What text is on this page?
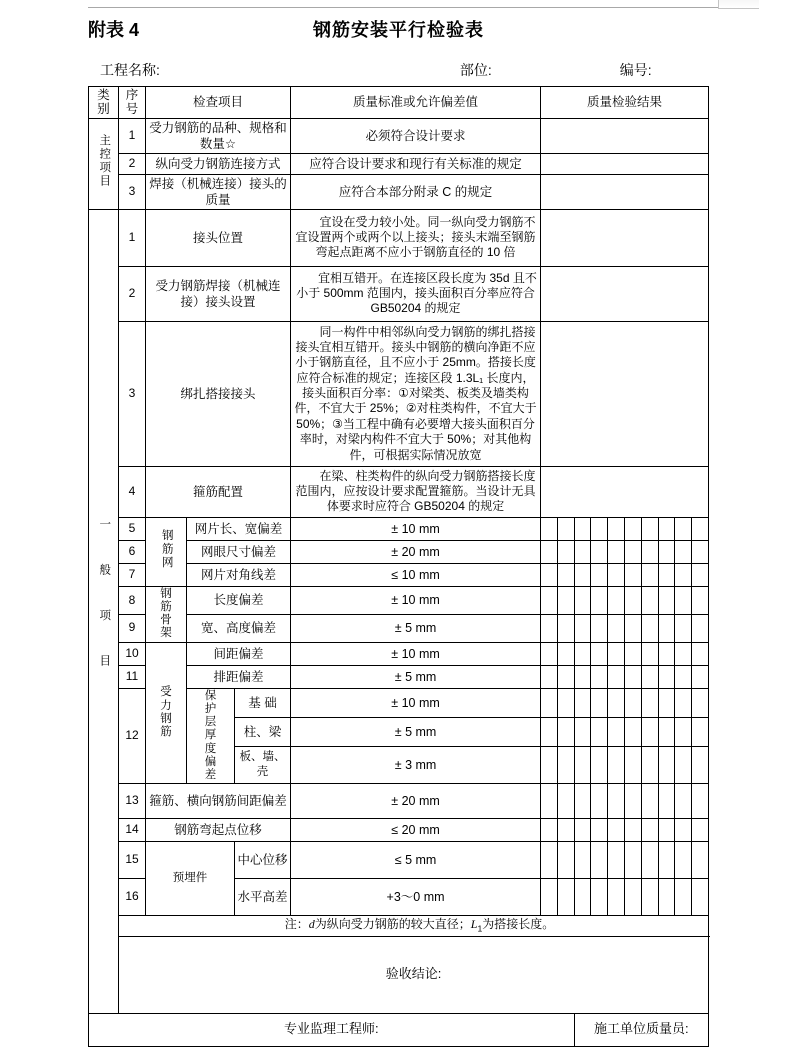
附表 4	钢筋安装平行检验表
工程名称:	部位:	编号:
类别	序号	检查项目			质量标准或允许偏差值	质量检验结果									
主控项目	1	受力钢筋的品种、规格和数量☆			必须符合设计要求										
	2	纵向受力钢筋连接方式			应符合设计要求和现行有关标准的规定										
	3	焊接（机械连接）接头的质量			应符合本部分附录 C 的规定										
一般项目	1	接头位置			宜设在受力较小处。同一纵向受力钢筋不宜设置两个或两个以上接头；接头末端至钢筋弯起点距离不应小于钢筋直径的 10 倍										
	2	受力钢筋焊接（机械连接）接头设置			宜相互错开。在连接区段长度为 35d 且不小于 500mm 范围内，接头面积百分率应符合 GB50204 的规定										
	3	绑扎搭接接头			同一构件中相邻纵向受力钢筋的绑扎搭接接头宜相互错开。接头中钢筋的横向净距不应小于钢筋直径，且不应小于 25mm。搭接长度应符合标准的规定；连接区段 1.3L₁ 长度内，接头面积百分率：①对梁类、板类及墙类构件，不宜大于 25%；②对柱类构件，不宜大于 50%；③当工程中确有必要增大接头面积百分率时，对梁内构件不宜大于 50%；对其他构件，可根据实际情况放宽										
	4	箍筋配置			在梁、柱类构件的纵向受力钢筋搭接长度范围内，应按设计要求配置箍筋。当设计无具体要求时应符合 GB50204 的规定										
	5	钢筋网	网片长、宽偏差		± 10 mm										
	6		网眼尺寸偏差		± 20 mm										
	7		网片对角线差		≤ 10 mm										
	8	钢筋骨架	长度偏差		± 10 mm										
	9		宽、高度偏差		± 5 mm										
	10	受力钢筋	间距偏差		± 10 mm										
	11		排距偏差		± 5 mm										
	12		保护层厚度偏差	基 础	± 10 mm										
				柱、梁	± 5 mm										
				板、墙、壳	± 3 mm										
	13	箍筋、横向钢筋间距偏差			± 20 mm										
	14	钢筋弯起点位移			≤ 20 mm										
	15	预埋件		中心位移	≤ 5 mm										
	16			水平高差	+3～0 mm										
	注：d为纵向受力钢筋的较大直径；$L_1$为搭接长度。														
	验收结论:														
专业监理工程师:								施工单位质量员:							
